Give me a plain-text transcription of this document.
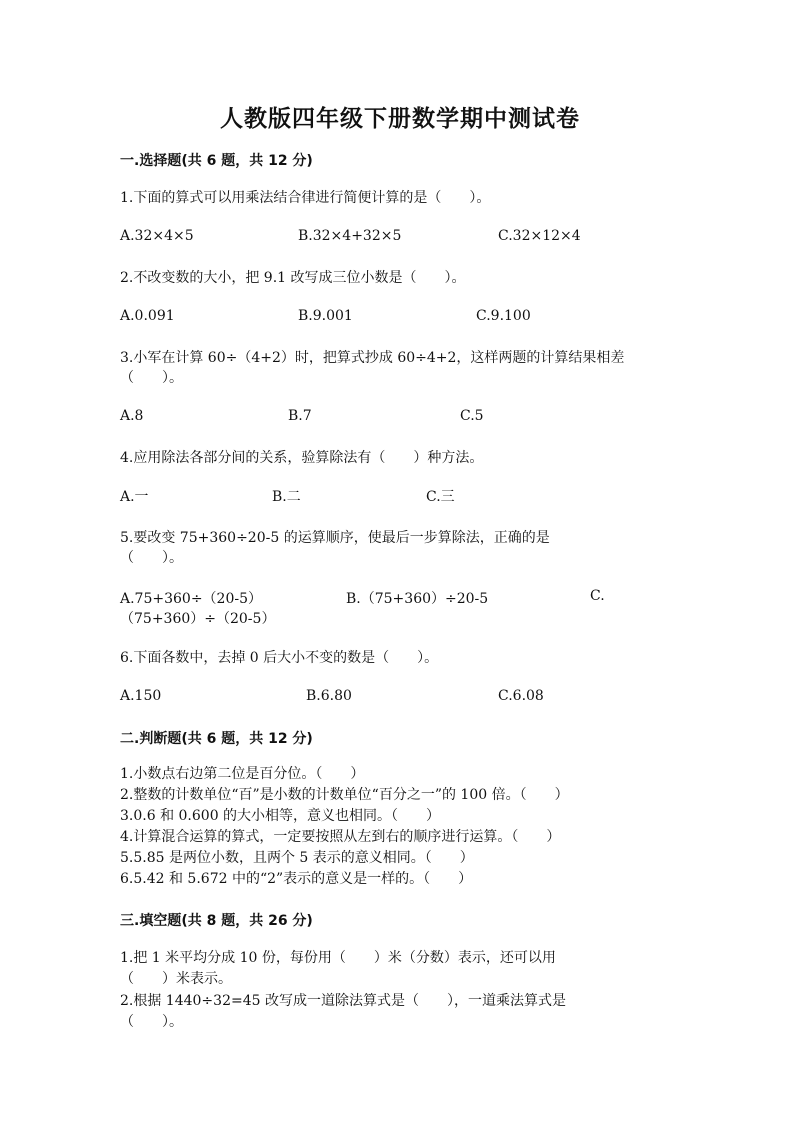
人教版四年级下册数学期中测试卷
一.选择题(共 6 题，共 12 分)
1.下面的算式可以用乘法结合律进行简便计算的是（　　）。
A.32×4×5	B.32×4+32×5	C.32×12×4
2.不改变数的大小，把 9.1 改写成三位小数是（　　）。
A.0.091	B.9.001	C.9.100
3.小军在计算 60÷（4+2）时，把算式抄成 60÷4+2，这样两题的计算结果相差
（　　）。
A.8	B.7	C.5
4.应用除法各部分间的关系，验算除法有（　　）种方法。
A.一	B.二	C.三
5.要改变 75+360÷20-5 的运算顺序，使最后一步算除法，正确的是
（　　）。
A.75+360÷（20-5）	B.（75+360）÷20-5	C.
（75+360）÷（20-5）
6.下面各数中，去掉 0 后大小不变的数是（　　）。
A.150	B.6.80	C.6.08
二.判断题(共 6 题，共 12 分)
1.小数点右边第二位是百分位。（　　）
2.整数的计数单位“百”是小数的计数单位“百分之一”的 100 倍。（　　）
3.0.6 和 0.600 的大小相等，意义也相同。（　　）
4.计算混合运算的算式，一定要按照从左到右的顺序进行运算。（　　）
5.5.85 是两位小数，且两个 5 表示的意义相同。（　　）
6.5.42 和 5.672 中的“2”表示的意义是一样的。（　　）
三.填空题(共 8 题，共 26 分)
1.把 1 米平均分成 10 份，每份用（　　）米（分数）表示，还可以用
（　　）米表示。
2.根据 1440÷32=45 改写成一道除法算式是（　　），一道乘法算式是
（　　）。
